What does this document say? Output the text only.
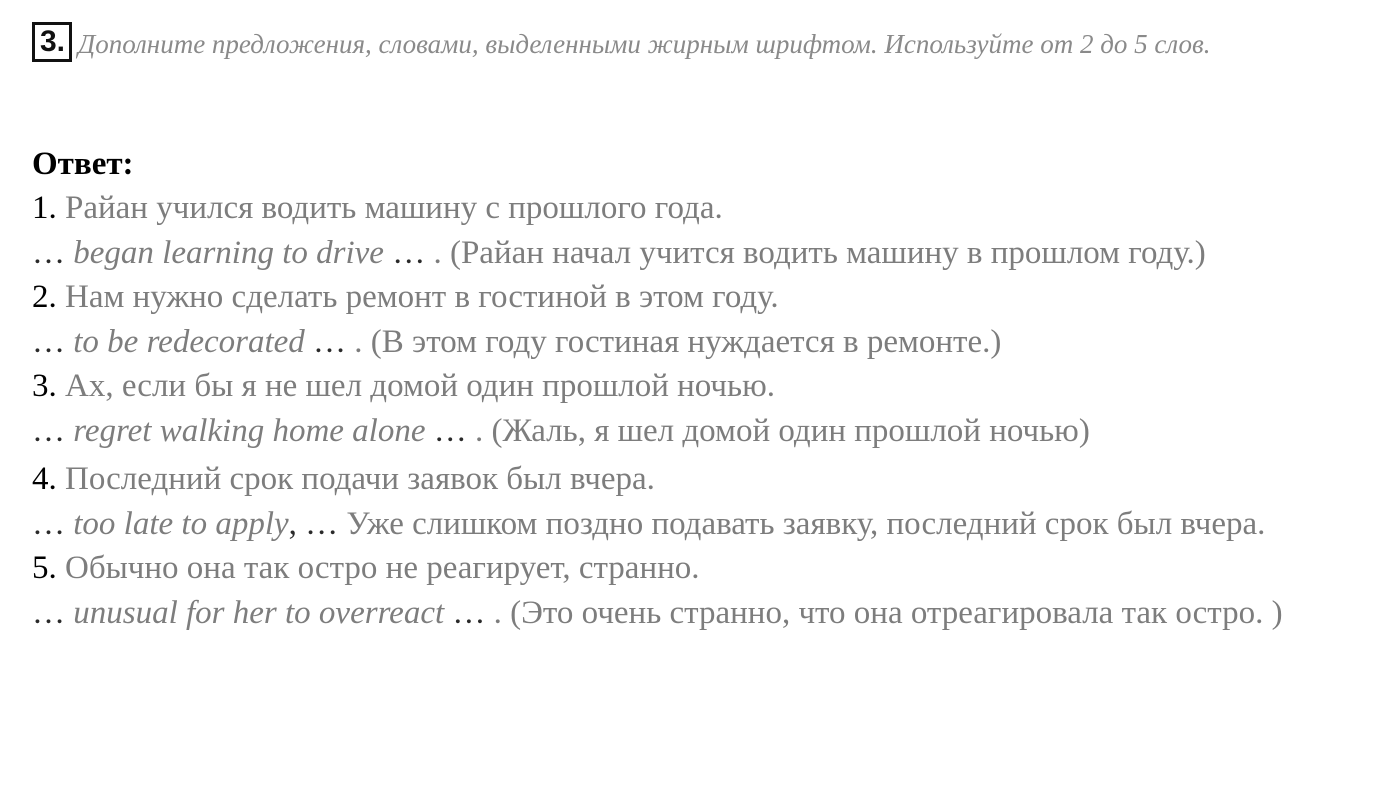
3. Дополните предложения, словами, выделенными жирным шрифтом. Используйте от 2 до 5 слов.
Ответ:
1. Райан учился водить машину с прошлого года.
… began learning to drive … . (Райан начал учится водить машину в прошлом году.)
2. Нам нужно сделать ремонт в гостиной в этом году.
… to be redecorated … . (В этом году гостиная нуждается в ремонте.)
3. Ах, если бы я не шел домой один прошлой ночью.
… regret walking home alone … . (Жаль, я шел домой один прошлой ночью)
4. Последний срок подачи заявок был вчера.
… too late to apply, … Уже слишком поздно подавать заявку, последний срок был вчера.
5. Обычно она так остро не реагирует, странно.
… unusual for her to overreact … . (Это очень странно, что она отреагировала так остро. )
